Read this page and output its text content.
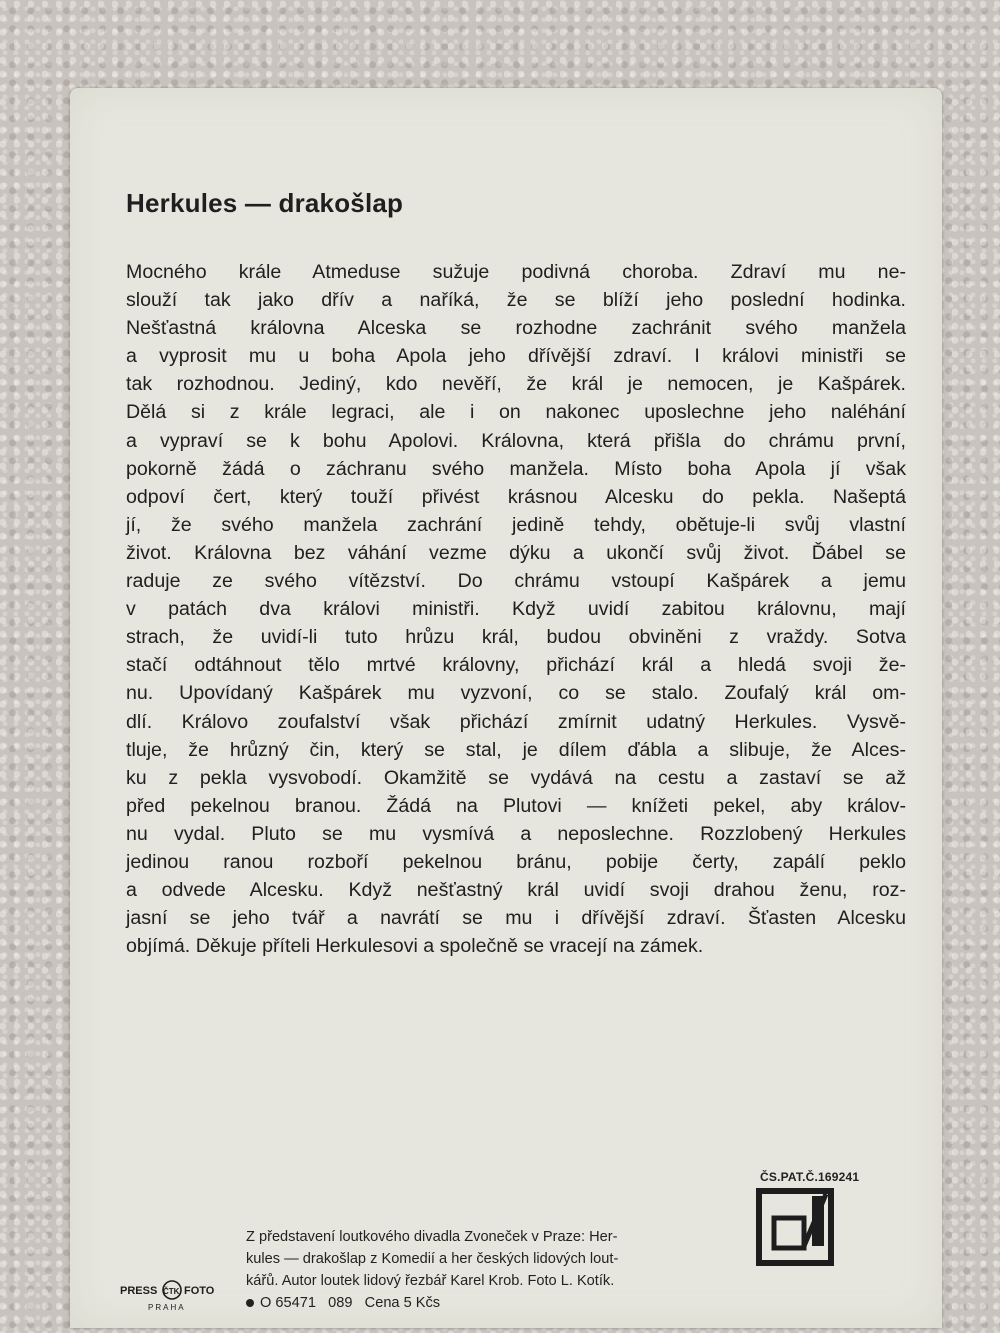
Herkules — drakošlap
Mocného krále Atmeduse sužuje podivná choroba. Zdraví mu ne-
slouží tak jako dřív a naříká, že se blíží jeho poslední hodinka.
Nešťastná královna Alceska se rozhodne zachránit svého manžela
a vyprosit mu u boha Apola jeho dřívější zdraví. I královi ministři se
tak rozhodnou. Jediný, kdo nevěří, že král je nemocen, je Kašpárek.
Dělá si z krále legraci, ale i on nakonec uposlechne jeho naléhání
a vypraví se k bohu Apolovi. Královna, která přišla do chrámu první,
pokorně žádá o záchranu svého manžela. Místo boha Apola jí však
odpoví čert, který touží přivést krásnou Alcesku do pekla. Našeptá
jí, že svého manžela zachrání jedině tehdy, obětuje-li svůj vlastní
život. Královna bez váhání vezme dýku a ukončí svůj život. Ďábel se
raduje ze svého vítězství. Do chrámu vstoupí Kašpárek a jemu
v patách dva královi ministři. Když uvidí zabitou královnu, mají
strach, že uvidí-li tuto hrůzu král, budou obviněni z vraždy. Sotva
stačí odtáhnout tělo mrtvé královny, přichází král a hledá svoji že-
nu. Upovídaný Kašpárek mu vyzvoní, co se stalo. Zoufalý král om-
dlí. Královo zoufalství však přichází zmírnit udatný Herkules. Vysvě-
tluje, že hrůzný čin, který se stal, je dílem ďábla a slibuje, že Alces-
ku z pekla vysvobodí. Okamžitě se vydává na cestu a zastaví se až
před pekelnou branou. Žádá na Plutovi — knížeti pekel, aby králov-
nu vydal. Pluto se mu vysmívá a neposlechne. Rozzlobený Herkules
jedinou ranou rozboří pekelnou bránu, pobije čerty, zapálí peklo
a odvede Alcesku. Když nešťastný král uvidí svoji drahou ženu, roz-
jasní se jeho tvář a navrátí se mu i dřívější zdraví. Šťasten Alcesku
objímá. Děkuje příteli Herkulesovi a společně se vracejí na zámek.
ČS.PAT.Č.169241
PRESS ČTK FOTO
PRAHA
Z představení loutkového divadla Zvoneček v Praze: Her-
kules — drakošlap z Komedií a her českých lidových lout-
kářů. Autor loutek lidový řezbář Karel Krob. Foto L. Kotík.
O 65471   089   Cena 5 Kčs
